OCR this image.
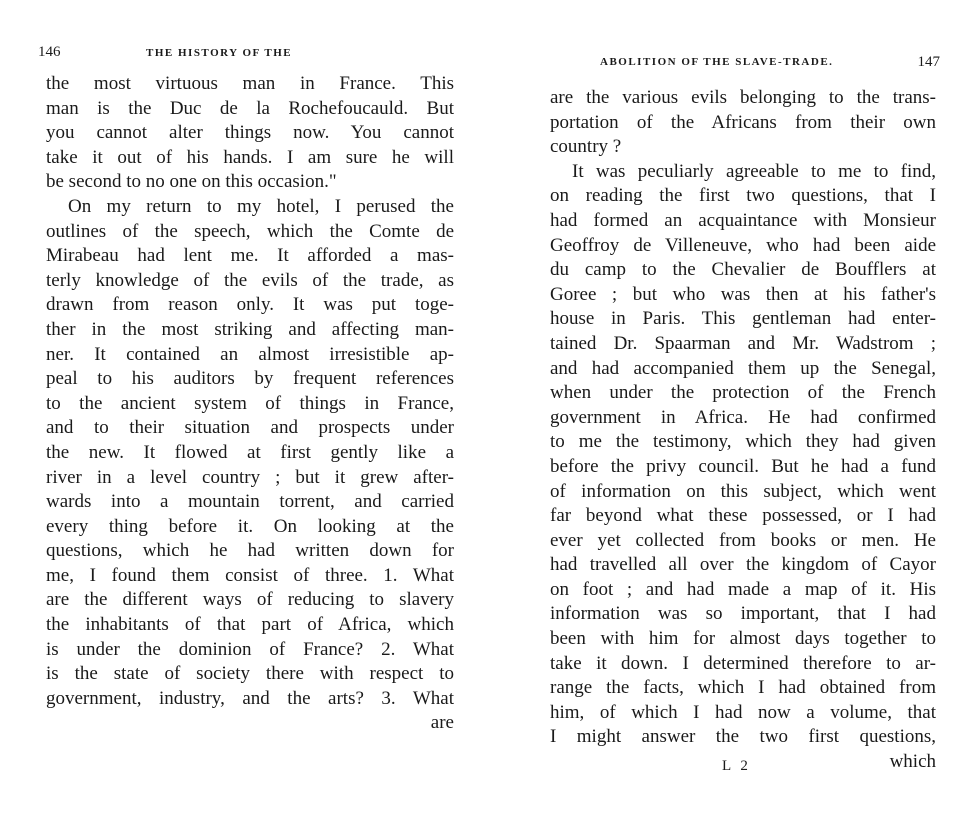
146	THE HISTORY OF THE
the most virtuous man in France. This
man is the Duc de la Rochefoucauld. But
you cannot alter things now. You cannot
take it out of his hands. I am sure he will
be second to no one on this occasion."
On my return to my hotel, I perused the
outlines of the speech, which the Comte de
Mirabeau had lent me. It afforded a mas-
terly knowledge of the evils of the trade, as
drawn from reason only. It was put toge-
ther in the most striking and affecting man-
ner. It contained an almost irresistible ap-
peal to his auditors by frequent references
to the ancient system of things in France,
and to their situation and prospects under
the new. It flowed at first gently like a
river in a level country ; but it grew after-
wards into a mountain torrent, and carried
every thing before it. On looking at the
questions, which he had written down for
me, I found them consist of three. 1. What
are the different ways of reducing to slavery
the inhabitants of that part of Africa, which
is under the dominion of France? 2. What
is the state of society there with respect to
government, industry, and the arts? 3. What
are
ABOLITION OF THE SLAVE-TRADE.	147
are the various evils belonging to the trans-
portation of the Africans from their own
country ?
It was peculiarly agreeable to me to find,
on reading the first two questions, that I
had formed an acquaintance with Monsieur
Geoffroy de Villeneuve, who had been aide
du camp to the Chevalier de Boufflers at
Goree ; but who was then at his father's
house in Paris. This gentleman had enter-
tained Dr. Spaarman and Mr. Wadstrom ;
and had accompanied them up the Senegal,
when under the protection of the French
government in Africa. He had confirmed
to me the testimony, which they had given
before the privy council. But he had a fund
of information on this subject, which went
far beyond what these possessed, or I had
ever yet collected from books or men. He
had travelled all over the kingdom of Cayor
on foot ; and had made a map of it. His
information was so important, that I had
been with him for almost days together to
take it down. I determined therefore to ar-
range the facts, which I had obtained from
him, of which I had now a volume, that
I might answer the two first questions,
which
L 2
